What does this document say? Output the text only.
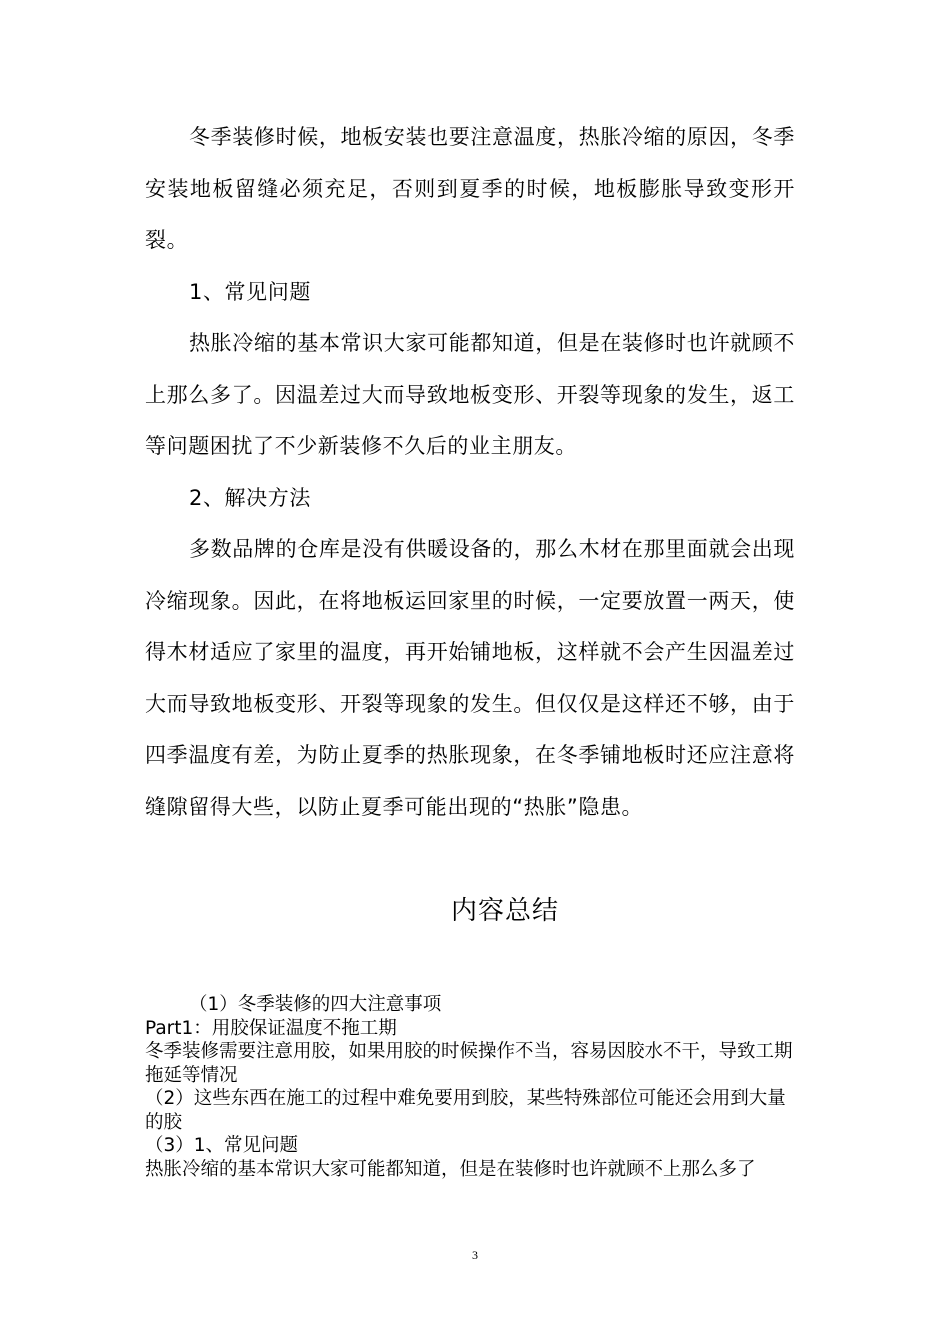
冬季装修时候，地板安装也要注意温度，热胀冷缩的原因，冬季安装地板留缝必须充足，否则到夏季的时候，地板膨胀导致变形开裂。

1、常见问题

热胀冷缩的基本常识大家可能都知道，但是在装修时也许就顾不上那么多了。因温差过大而导致地板变形、开裂等现象的发生，返工等问题困扰了不少新装修不久后的业主朋友。

2、解决方法

多数品牌的仓库是没有供暖设备的，那么木材在那里面就会出现冷缩现象。因此，在将地板运回家里的时候，一定要放置一两天，使得木材适应了家里的温度，再开始铺地板，这样就不会产生因温差过大而导致地板变形、开裂等现象的发生。但仅仅是这样还不够，由于四季温度有差，为防止夏季的热胀现象，在冬季铺地板时还应注意将缝隙留得大些，以防止夏季可能出现的“热胀”隐患。

内容总结

（1）冬季装修的四大注意事项

Part1：用胶保证温度不拖工期

冬季装修需要注意用胶，如果用胶的时候操作不当，容易因胶水不干，导致工期拖延等情况

（2）这些东西在施工的过程中难免要用到胶，某些特殊部位可能还会用到大量的胶

（3）1、常见问题

热胀冷缩的基本常识大家可能都知道，但是在装修时也许就顾不上那么多了

3
